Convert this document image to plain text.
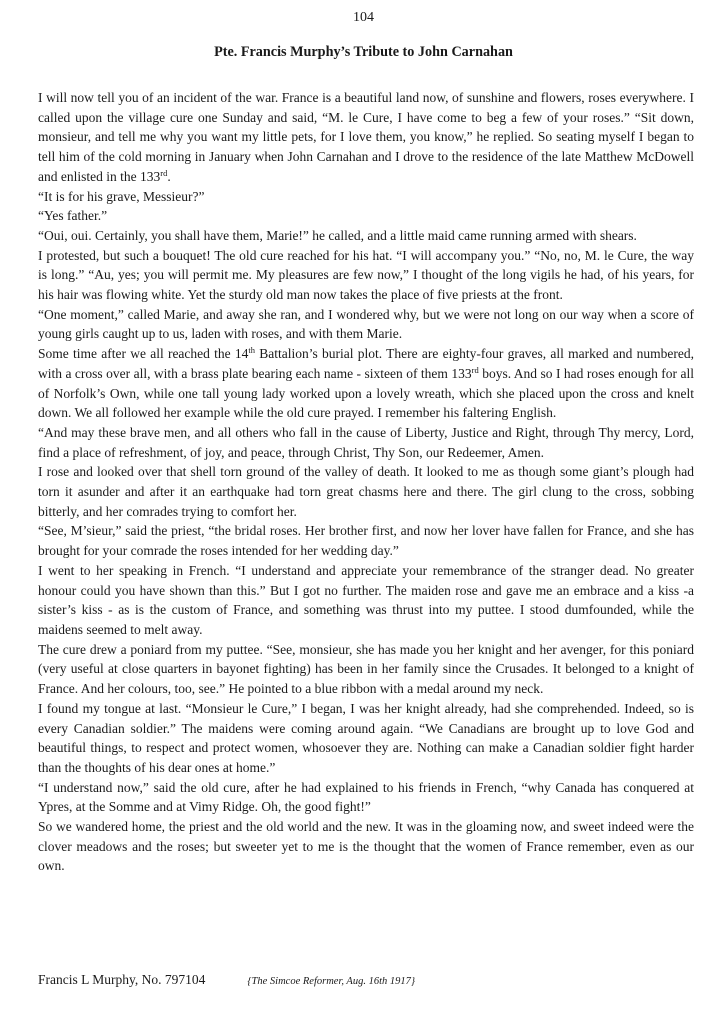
104
Pte. Francis Murphy’s Tribute to John Carnahan

I will now tell you of an incident of the war. France is a beautiful land now, of sunshine and flowers, roses everywhere. I called upon the village cure one Sunday and said, “M. le Cure, I have come to beg a few of your roses.” “Sit down, monsieur, and tell me why you want my little pets, for I love them, you know,” he replied. So seating myself I began to tell him of the cold morning in January when John Carnahan and I drove to the residence of the late Matthew McDowell and enlisted in the 133rd.

“It is for his grave, Messieur?”

“Yes father.”

“Oui, oui. Certainly, you shall have them, Marie!” he called, and a little maid came running armed with shears.

I protested, but such a bouquet! The old cure reached for his hat. “I will accompany you.” “No, no, M. le Cure, the way is long.” “Au, yes; you will permit me. My pleasures are few now,” I thought of the long vigils he had, of his years, for his hair was flowing white. Yet the sturdy old man now takes the place of five priests at the front.

“One moment,” called Marie, and away she ran, and I wondered why, but we were not long on our way when a score of young girls caught up to us, laden with roses, and with them Marie.

Some time after we all reached the 14th Battalion’s burial plot. There are eighty-four graves, all marked and numbered, with a cross over all, with a brass plate bearing each name - sixteen of them 133rd boys. And so I had roses enough for all of Norfolk’s Own, while one tall young lady worked upon a lovely wreath, which she placed upon the cross and knelt down. We all followed her example while the old cure prayed. I remember his faltering English.

“And may these brave men, and all others who fall in the cause of Liberty, Justice and Right, through Thy mercy, Lord, find a place of refreshment, of joy, and peace, through Christ, Thy Son, our Redeemer, Amen.

I rose and looked over that shell torn ground of the valley of death. It looked to me as though some giant’s plough had torn it asunder and after it an earthquake had torn great chasms here and there. The girl clung to the cross, sobbing bitterly, and her comrades trying to comfort her.

“See, M’sieur,” said the priest, “the bridal roses. Her brother first, and now her lover have fallen for France, and she has brought for your comrade the roses intended for her wedding day.”

I went to her speaking in French. “I understand and appreciate your remembrance of the stranger dead. No greater honour could you have shown than this.” But I got no further. The maiden rose and gave me an embrace and a kiss -a sister’s kiss - as is the custom of France, and something was thrust into my puttee. I stood dumfounded, while the maidens seemed to melt away.

The cure drew a poniard from my puttee. “See, monsieur, she has made you her knight and her avenger, for this poniard (very useful at close quarters in bayonet fighting) has been in her family since the Crusades. It belonged to a knight of France. And her colours, too, see.” He pointed to a blue ribbon with a medal around my neck.

I found my tongue at last. “Monsieur le Cure,” I began, I was her knight already, had she comprehended. Indeed, so is every Canadian soldier.” The maidens were coming around again. “We Canadians are brought up to love God and beautiful things, to respect and protect women, whosoever they are. Nothing can make a Canadian soldier fight harder than the thoughts of his dear ones at home.”

“I understand now,” said the old cure, after he had explained to his friends in French, “why Canada has conquered at Ypres, at the Somme and at Vimy Ridge. Oh, the good fight!”

So we wandered home, the priest and the old world and the new. It was in the gloaming now, and sweet indeed were the clover meadows and the roses; but sweeter yet to me is the thought that the women of France remember, even as our own.

Francis L Murphy, No. 797104	{The Simcoe Reformer, Aug. 16th 1917}
